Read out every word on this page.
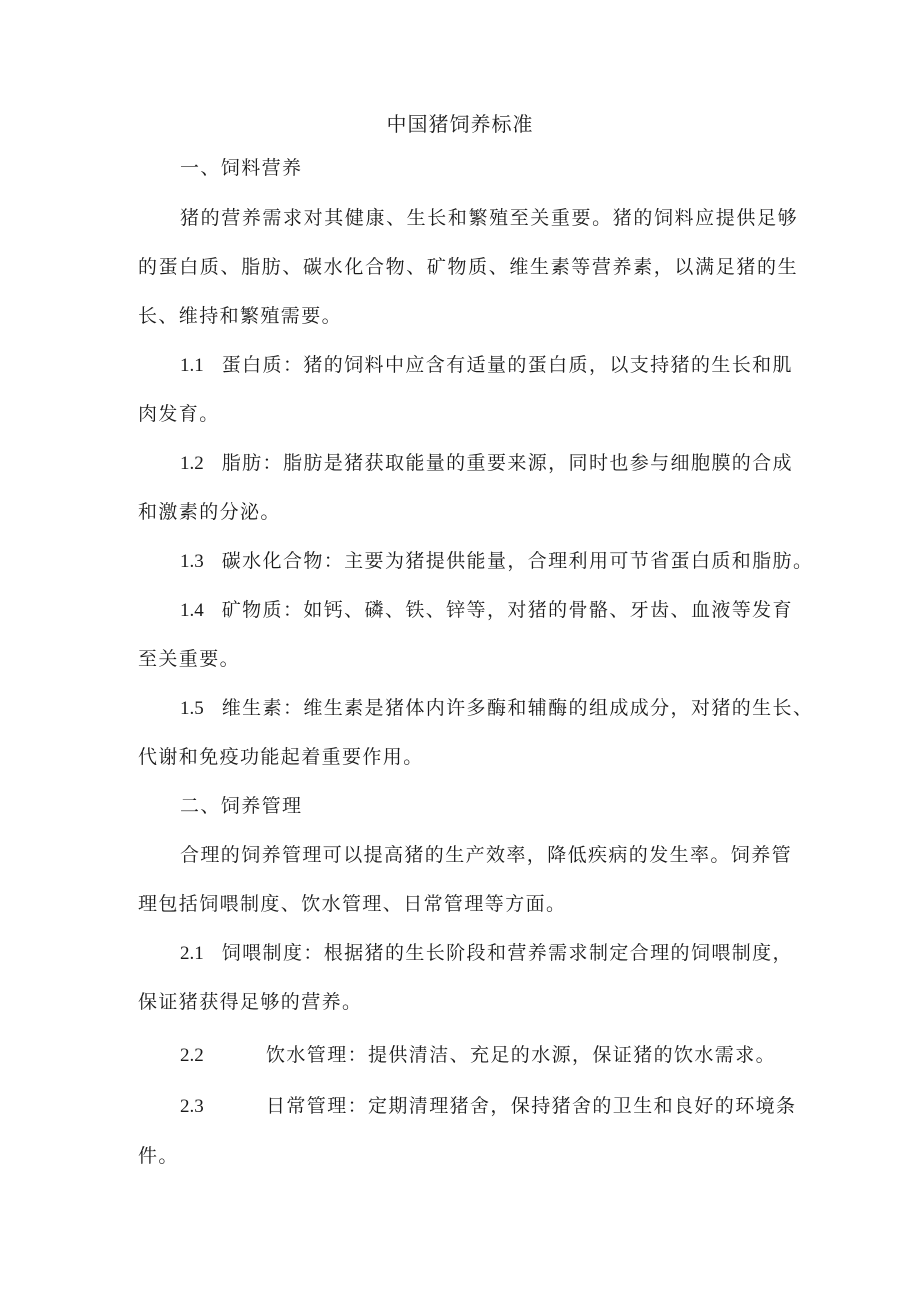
中国猪饲养标准
一、饲料营养
猪的营养需求对其健康、生长和繁殖至关重要。猪的饲料应提供足够
的蛋白质、脂肪、碳水化合物、矿物质、维生素等营养素，以满足猪的生
长、维持和繁殖需要。
1.1 蛋白质：猪的饲料中应含有适量的蛋白质，以支持猪的生长和肌
肉发育。
1.2 脂肪：脂肪是猪获取能量的重要来源，同时也参与细胞膜的合成
和激素的分泌。
1.3 碳水化合物：主要为猪提供能量，合理利用可节省蛋白质和脂肪。
1.4 矿物质：如钙、磷、铁、锌等，对猪的骨骼、牙齿、血液等发育
至关重要。
1.5 维生素：维生素是猪体内许多酶和辅酶的组成成分，对猪的生长、
代谢和免疫功能起着重要作用。
二、饲养管理
合理的饲养管理可以提高猪的生产效率，降低疾病的发生率。饲养管
理包括饲喂制度、饮水管理、日常管理等方面。
2.1 饲喂制度：根据猪的生长阶段和营养需求制定合理的饲喂制度，
保证猪获得足够的营养。
2.2	饮水管理：提供清洁、充足的水源，保证猪的饮水需求。
2.3	日常管理：定期清理猪舍，保持猪舍的卫生和良好的环境条
件。
